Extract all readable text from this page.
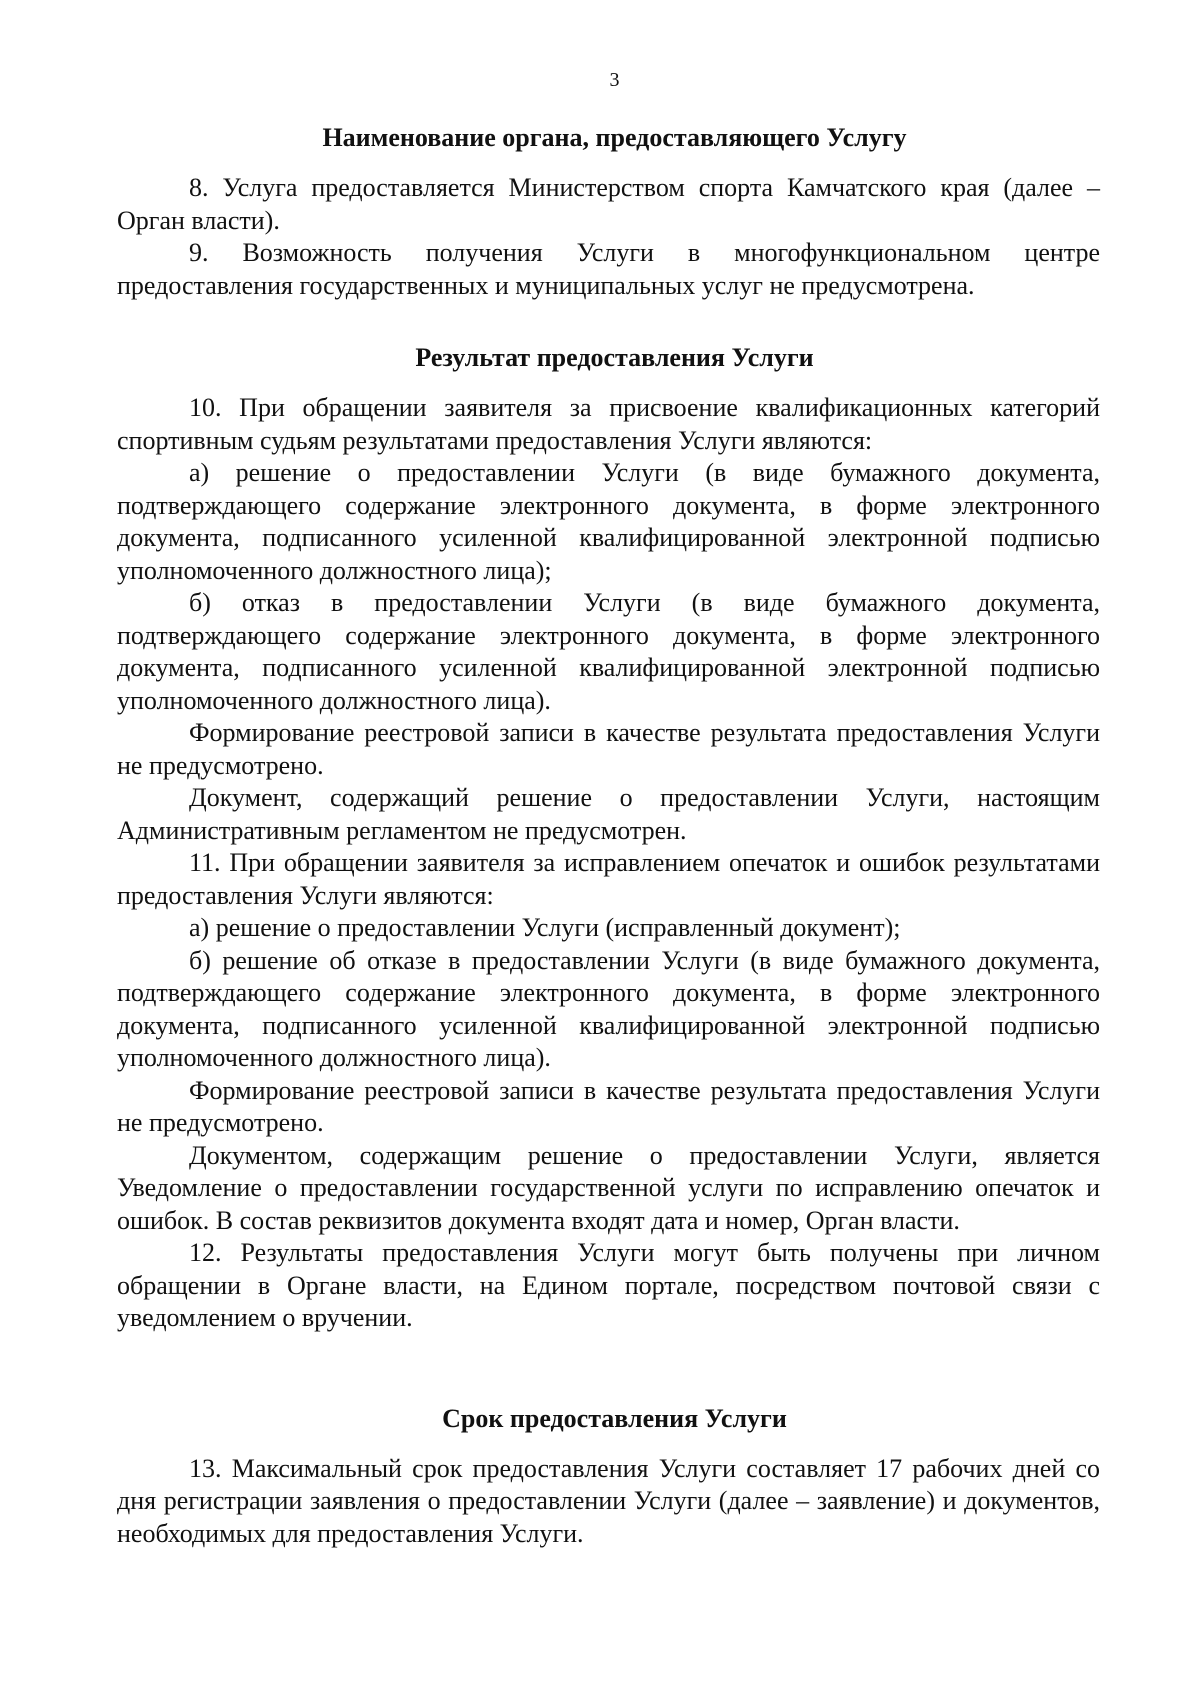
3
Наименование органа, предоставляющего Услугу

8. Услуга предоставляется Министерством спорта Камчатского края (далее – Орган власти).

9. Возможность получения Услуги в многофункциональном центре предоставления государственных и муниципальных услуг не предусмотрена.

Результат предоставления Услуги

10. При обращении заявителя за присвоение квалификационных категорий спортивным судьям результатами предоставления Услуги являются:

а) решение о предоставлении Услуги (в виде бумажного документа, подтверждающего содержание электронного документа, в форме электронного документа, подписанного усиленной квалифицированной электронной подписью уполномоченного должностного лица);

б) отказ в предоставлении Услуги (в виде бумажного документа, подтверждающего содержание электронного документа, в форме электронного документа, подписанного усиленной квалифицированной электронной подписью уполномоченного должностного лица).

Формирование реестровой записи в качестве результата предоставления Услуги не предусмотрено.

Документ, содержащий решение о предоставлении Услуги, настоящим Административным регламентом не предусмотрен.

11. При обращении заявителя за исправлением опечаток и ошибок результатами предоставления Услуги являются:

а) решение о предоставлении Услуги (исправленный документ);

б) решение об отказе в предоставлении Услуги (в виде бумажного документа, подтверждающего содержание электронного документа, в форме электронного документа, подписанного усиленной квалифицированной электронной подписью уполномоченного должностного лица).

Формирование реестровой записи в качестве результата предоставления Услуги не предусмотрено.

Документом, содержащим решение о предоставлении Услуги, является Уведомление о предоставлении государственной услуги по исправлению опечаток и ошибок. В состав реквизитов документа входят дата и номер, Орган власти.

12. Результаты предоставления Услуги могут быть получены при личном обращении в Органе власти, на Едином портале, посредством почтовой связи с уведомлением о вручении.

Срок предоставления Услуги

13. Максимальный срок предоставления Услуги составляет 17 рабочих дней со дня регистрации заявления о предоставлении Услуги (далее – заявление) и документов, необходимых для предоставления Услуги.
